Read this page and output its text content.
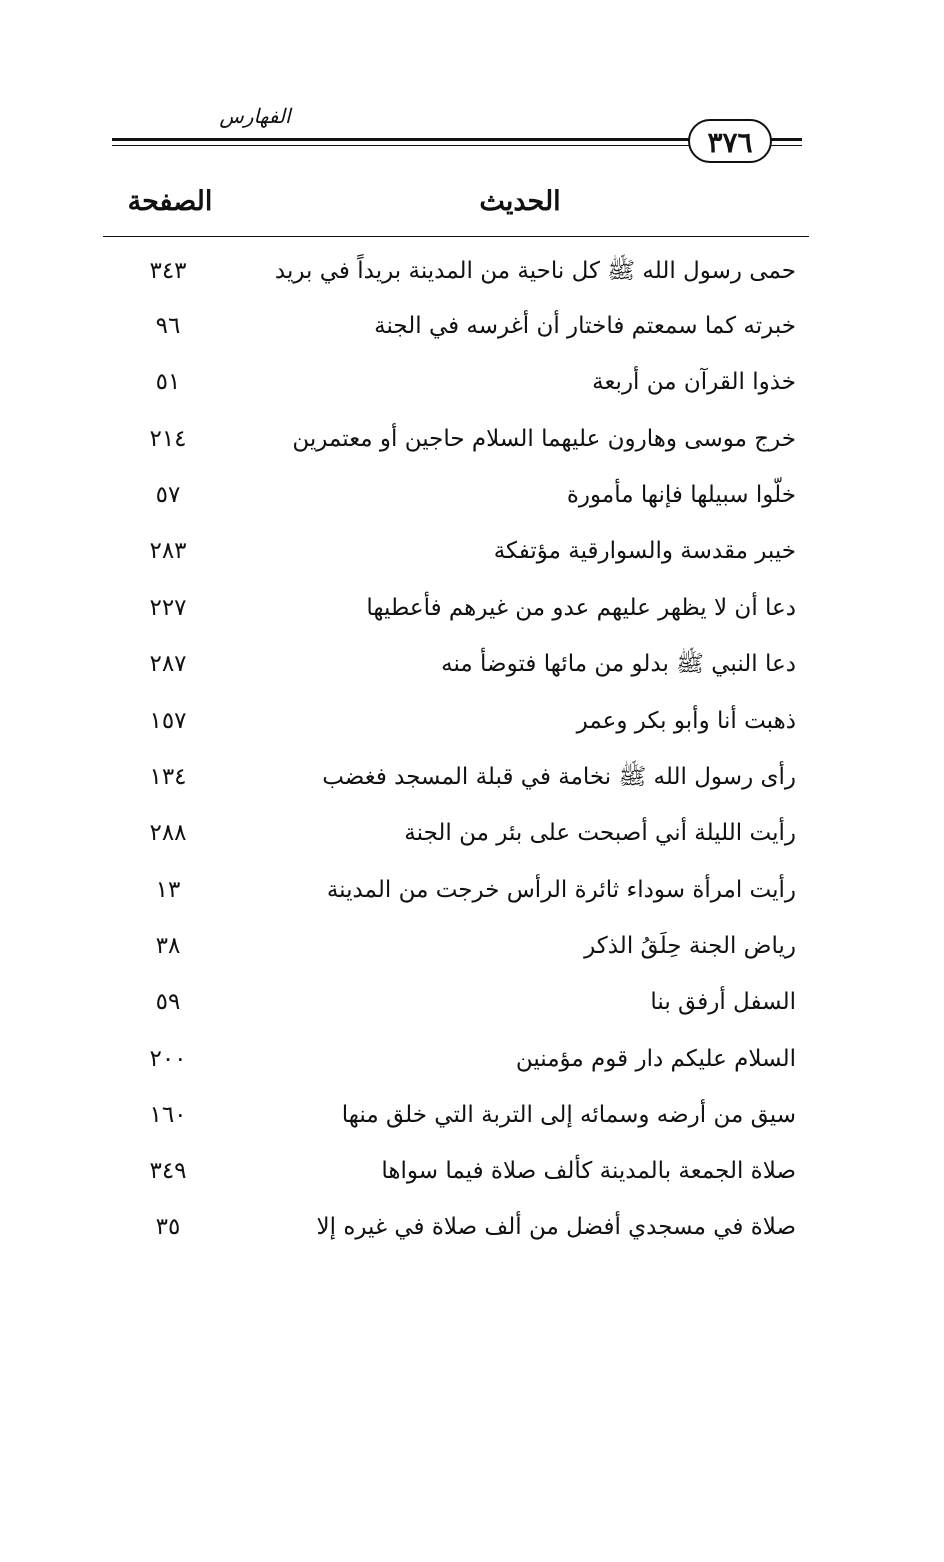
الفهارس
٣٧٦
الحديث
الصفحة
حمى رسول الله ﷺ كل ناحية من المدينة بريداً في بريد
٣٤٣
خبرته كما سمعتم فاختار أن أغرسه في الجنة
٩٦
خذوا القرآن من أربعة
٥١
خرج موسى وهارون عليهما السلام حاجين أو معتمرين
٢١٤
خلّوا سبيلها فإنها مأمورة
٥٧
خيبر مقدسة والسوارقية مؤتفكة
٢٨٣
دعا أن لا يظهر عليهم عدو من غيرهم فأعطيها
٢٢٧
دعا النبي ﷺ بدلو من مائها فتوضأ منه
٢٨٧
ذهبت أنا وأبو بكر وعمر
١٥٧
رأى رسول الله ﷺ نخامة في قبلة المسجد فغضب
١٣٤
رأيت الليلة أني أصبحت على بئر من الجنة
٢٨٨
رأيت امرأة سوداء ثائرة الرأس خرجت من المدينة
١٣
رياض الجنة حِلَقُ الذكر
٣٨
السفل أرفق بنا
٥٩
السلام عليكم دار قوم مؤمنين
٢٠٠
سيق من أرضه وسمائه إلى التربة التي خلق منها
١٦٠
صلاة الجمعة بالمدينة كألف صلاة فيما سواها
٣٤٩
صلاة في مسجدي أفضل من ألف صلاة في غيره إلا
٣٥
